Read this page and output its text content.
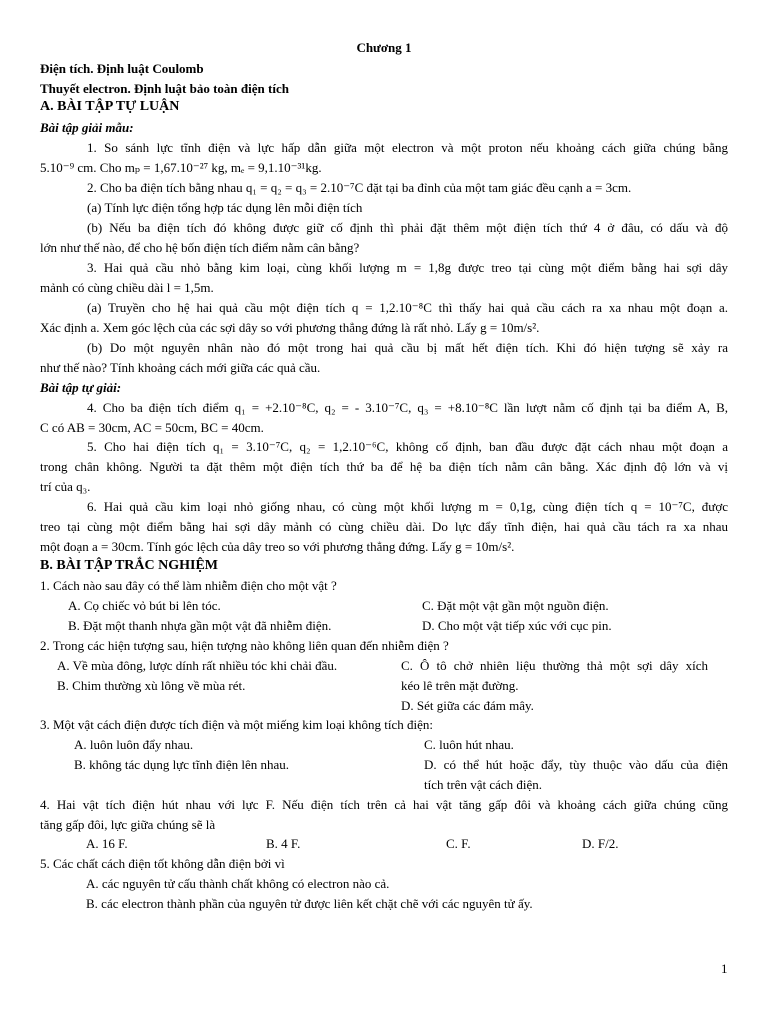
Chương 1
Điện tích. Định luật Coulomb
Thuyết electron. Định luật bảo toàn điện tích
A. BÀI TẬP TỰ LUẬN
Bài tập giải mẫu:
1. So sánh lực tĩnh điện và lực hấp dẫn giữa một electron và một proton nếu khoảng cách giữa chúng bằng
5.10⁻⁹ cm. Cho mₚ = 1,67.10⁻²⁷ kg, mₑ = 9,1.10⁻³¹kg.
2. Cho ba điện tích bằng nhau q₁ = q₂ = q₃ = 2.10⁻⁷C đặt tại ba đỉnh của một tam giác đều cạnh a = 3cm.
(a) Tính lực điện tổng hợp tác dụng lên mỗi điện tích
(b) Nếu ba điện tích đó không được giữ cố định thì phải đặt thêm một điện tích thứ 4 ở đâu, có dấu và độ
lớn như thế nào, để cho hệ bốn điện tích điểm nằm cân bằng?
3. Hai quả cầu nhỏ bằng kim loại, cùng khối lượng m = 1,8g được treo tại cùng một điểm bằng hai sợi dây
mảnh có cùng chiều dài l = 1,5m.
(a) Truyền cho hệ hai quả cầu một điện tích q = 1,2.10⁻⁸C thì thấy hai quả cầu cách ra xa nhau một đoạn a.
Xác định a. Xem góc lệch của các sợi dây so với phương thẳng đứng là rất nhỏ. Lấy g = 10m/s².
(b) Do một nguyên nhân nào đó một trong hai quả cầu bị mất hết điện tích. Khi đó hiện tượng sẽ xảy ra
như thế nào? Tính khoảng cách mới giữa các quả cầu.
Bài tập tự giải:
4. Cho ba điện tích điểm q₁ = +2.10⁻⁸C, q₂ = - 3.10⁻⁷C, q₃ = +8.10⁻⁸C lần lượt nằm cố định tại ba điểm A, B,
C có AB = 30cm, AC = 50cm, BC = 40cm.
5. Cho hai điện tích q₁ = 3.10⁻⁷C, q₂ = 1,2.10⁻⁶C, không cố định, ban đầu được đặt cách nhau một đoạn a
trong chân không. Người ta đặt thêm một điện tích thứ ba để hệ ba điện tích nằm cân bằng. Xác định độ lớn và vị
trí của q₃.
6. Hai quả cầu kim loại nhỏ giống nhau, có cùng một khối lượng m = 0,1g, cùng điện tích q = 10⁻⁷C, được
treo tại cùng một điểm bằng hai sợi dây mảnh có cùng chiều dài. Do lực đẩy tĩnh điện, hai quả cầu tách ra xa nhau
một đoạn a = 30cm. Tính góc lệch của dây treo so với phương thẳng đứng. Lấy g = 10m/s².
B. BÀI TẬP TRẮC NGHIỆM
1. Cách nào sau đây có thể làm nhiễm điện cho một vật ?
A. Cọ chiếc vỏ bút bi lên tóc.	C. Đặt một vật gần một nguồn điện.
B. Đặt một thanh nhựa gần một vật đã nhiễm điện.	D. Cho một vật tiếp xúc với cục pin.
2. Trong các hiện tượng sau, hiện tượng nào không liên quan đến nhiễm điện ?
A. Về mùa đông, lược dính rất nhiều tóc khi chải đầu.	C. Ô tô chở nhiên liệu thường thả một sợi dây xích
B. Chim thường xù lông về mùa rét.	kéo lê trên mặt đường.
D. Sét giữa các đám mây.
3. Một vật cách điện được tích điện và một miếng kim loại không tích điện:
A. luôn luôn đẩy nhau.	C. luôn hút nhau.
B. không tác dụng lực tĩnh điện lên nhau.	D. có thể hút hoặc đẩy, tùy thuộc vào dấu của điện
tích trên vật cách điện.
4. Hai vật tích điện hút nhau với lực F. Nếu điện tích trên cả hai vật tăng gấp đôi và khoảng cách giữa chúng cũng
tăng gấp đôi, lực giữa chúng sẽ là
A. 16 F.	B. 4 F.	C. F.	D. F/2.
5. Các chất cách điện tốt không dẫn điện bởi vì
A. các nguyên tử cấu thành chất không có electron nào cả.
B. các electron thành phần của nguyên tử được liên kết chặt chẽ với các nguyên tử ấy.
1
